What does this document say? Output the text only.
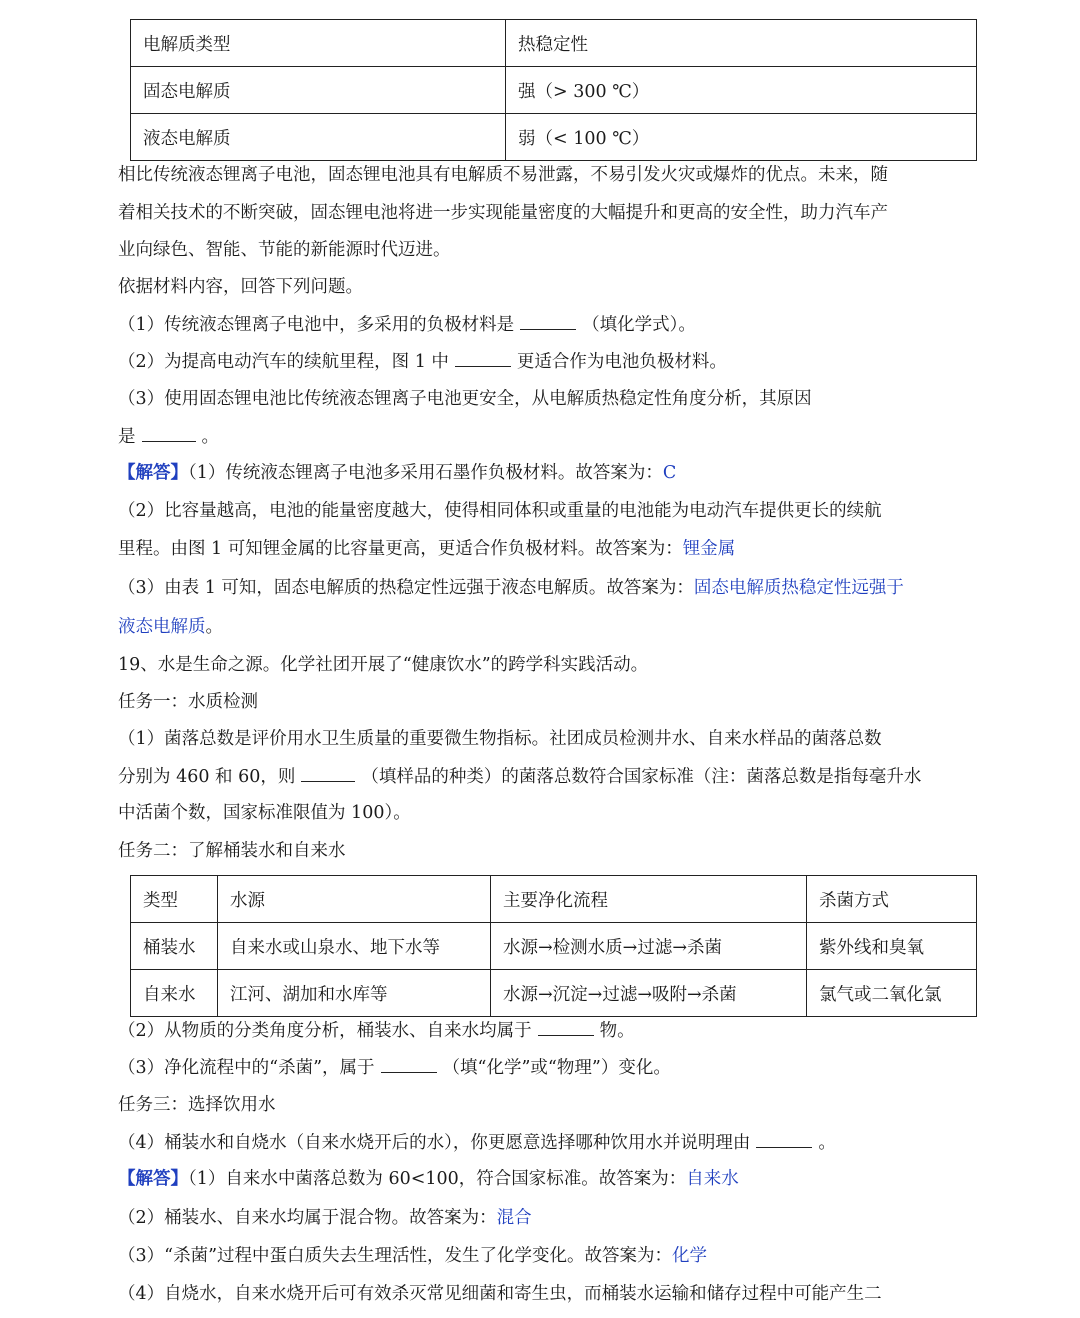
电解质类型	热稳定性
固态电解质	强（> 300 ℃）
液态电解质	弱（< 100 ℃）
相比传统液态锂离子电池，固态锂电池具有电解质不易泄露，不易引发火灾或爆炸的优点。未来，随
着相关技术的不断突破，固态锂电池将进一步实现能量密度的大幅提升和更高的安全性，助力汽车产
业向绿色、智能、节能的新能源时代迈进。
依据材料内容，回答下列问题。
（1）传统液态锂离子电池中，多采用的负极材料是	（填化学式）。
（2）为提高电动汽车的续航里程，图 1 中	更适合作为电池负极材料。
（3）使用固态锂电池比传统液态锂离子电池更安全，从电解质热稳定性角度分析，其原因
是	。
【解答】（1）传统液态锂离子电池多采用石墨作负极材料。故答案为：C
（2）比容量越高，电池的能量密度越大，使得相同体积或重量的电池能为电动汽车提供更长的续航
里程。由图 1 可知锂金属的比容量更高，更适合作负极材料。故答案为：锂金属
（3）由表 1 可知，固态电解质的热稳定性远强于液态电解质。故答案为：固态电解质热稳定性远强于
液态电解质。
19、水是生命之源。化学社团开展了“健康饮水”的跨学科实践活动。
任务一：水质检测
（1）菌落总数是评价用水卫生质量的重要微生物指标。社团成员检测井水、自来水样品的菌落总数
分别为 460 和 60，则	（填样品的种类）的菌落总数符合国家标准（注：菌落总数是指每毫升水
中活菌个数，国家标准限值为 100）。
任务二：了解桶装水和自来水
类型	水源	主要净化流程	杀菌方式
桶装水	自来水或山泉水、地下水等	水源→检测水质→过滤→杀菌	紫外线和臭氧
自来水	江河、湖加和水库等	水源→沉淀→过滤→吸附→杀菌	氯气或二氧化氯
（2）从物质的分类角度分析，桶装水、自来水均属于	物。
（3）净化流程中的“杀菌”，属于	（填“化学”或“物理”）变化。
任务三：选择饮用水
（4）桶装水和自烧水（自来水烧开后的水），你更愿意选择哪种饮用水并说明理由	。
【解答】（1）自来水中菌落总数为 60<100，符合国家标准。故答案为：自来水
（2）桶装水、自来水均属于混合物。故答案为：混合
（3）“杀菌”过程中蛋白质失去生理活性，发生了化学变化。故答案为：化学
（4）自烧水，自来水烧开后可有效杀灭常见细菌和寄生虫，而桶装水运输和储存过程中可能产生二
